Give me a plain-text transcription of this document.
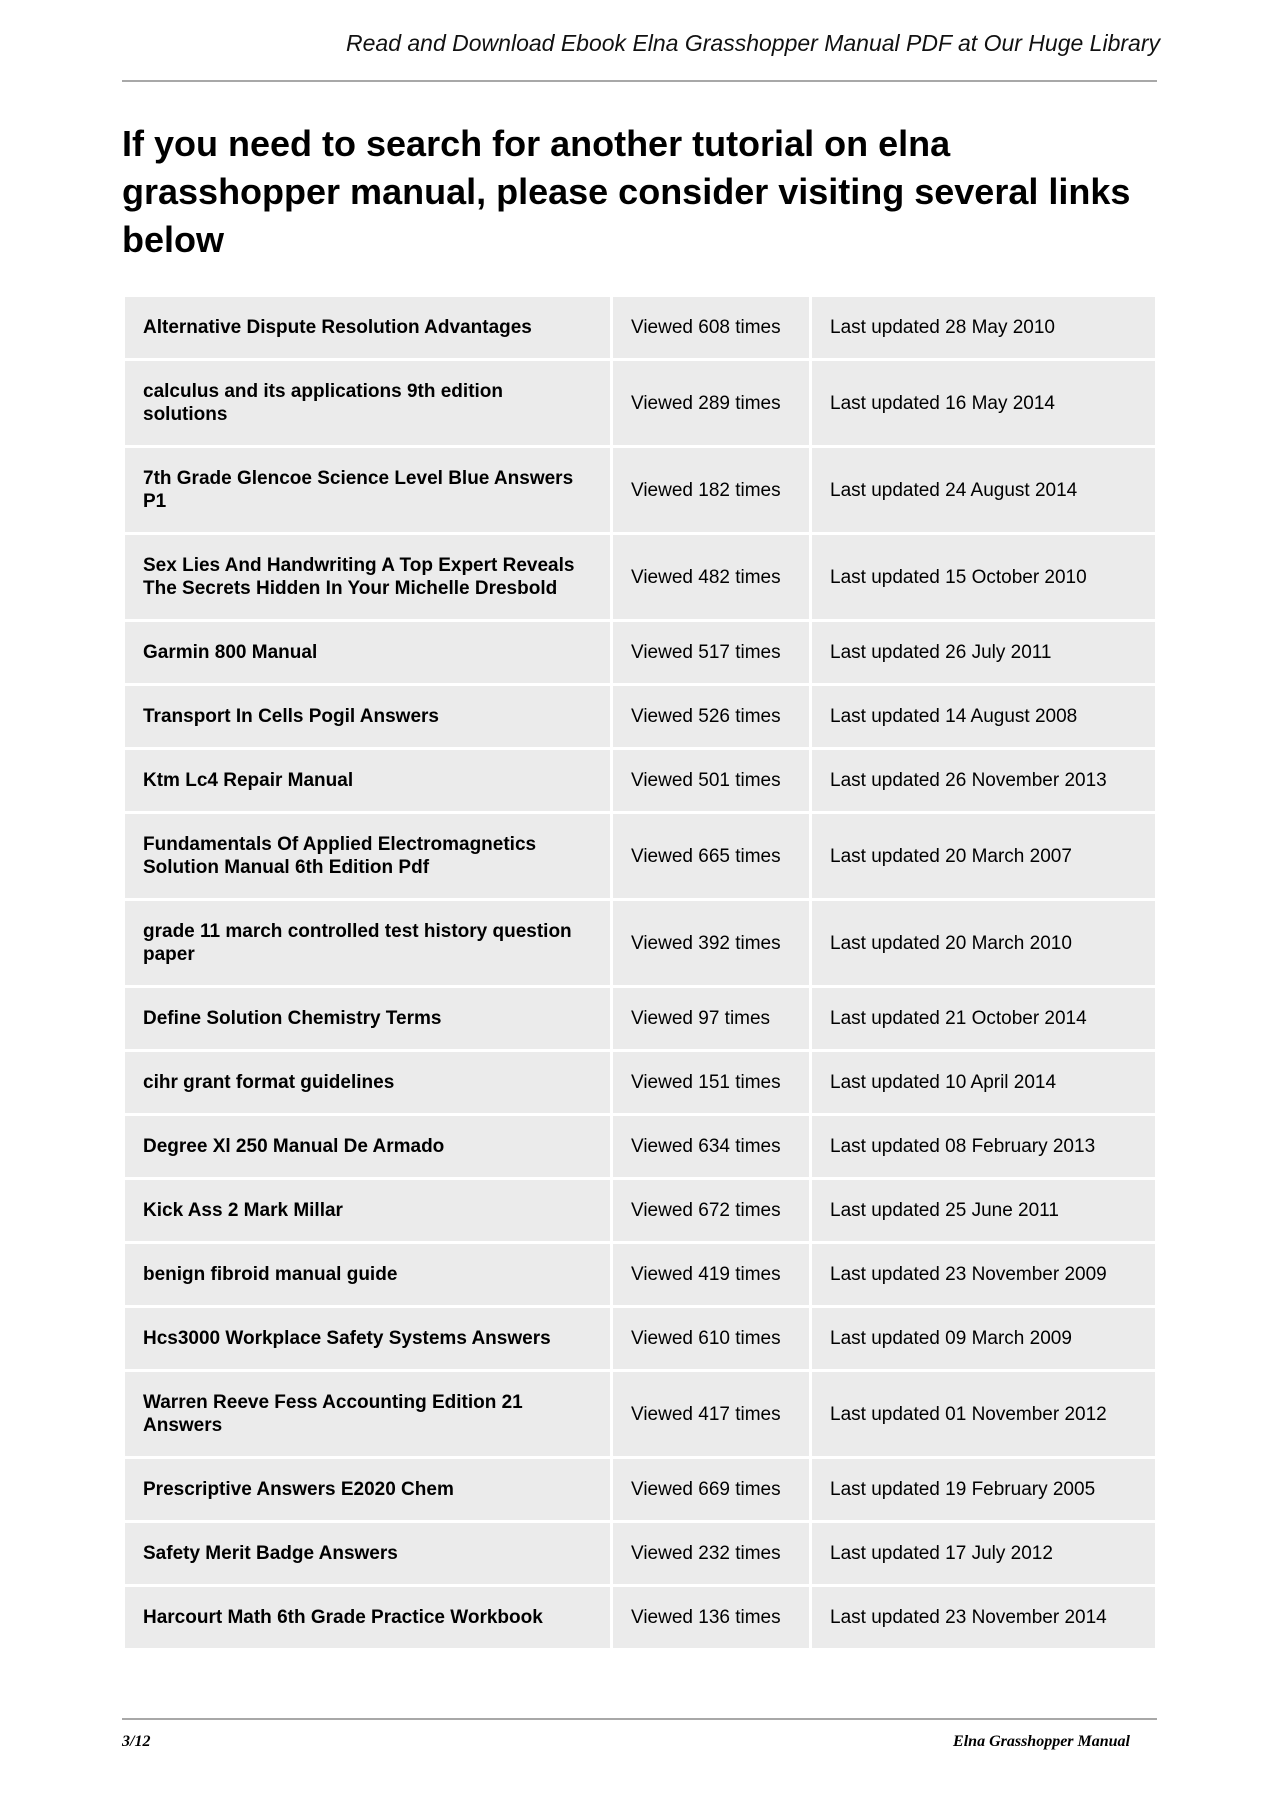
Read and Download Ebook Elna Grasshopper Manual PDF at Our Huge Library
If you need to search for another tutorial on elna grasshopper manual, please consider visiting several links below
Alternative Dispute Resolution Advantages	Viewed 608 times	Last updated 28 May 2010
calculus and its applications 9th edition solutions	Viewed 289 times	Last updated 16 May 2014
7th Grade Glencoe Science Level Blue Answers P1	Viewed 182 times	Last updated 24 August 2014
Sex Lies And Handwriting A Top Expert Reveals The Secrets Hidden In Your Michelle Dresbold	Viewed 482 times	Last updated 15 October 2010
Garmin 800 Manual	Viewed 517 times	Last updated 26 July 2011
Transport In Cells Pogil Answers	Viewed 526 times	Last updated 14 August 2008
Ktm Lc4 Repair Manual	Viewed 501 times	Last updated 26 November 2013
Fundamentals Of Applied Electromagnetics Solution Manual 6th Edition Pdf	Viewed 665 times	Last updated 20 March 2007
grade 11 march controlled test history question paper	Viewed 392 times	Last updated 20 March 2010
Define Solution Chemistry Terms	Viewed 97 times	Last updated 21 October 2014
cihr grant format guidelines	Viewed 151 times	Last updated 10 April 2014
Degree Xl 250 Manual De Armado	Viewed 634 times	Last updated 08 February 2013
Kick Ass 2 Mark Millar	Viewed 672 times	Last updated 25 June 2011
benign fibroid manual guide	Viewed 419 times	Last updated 23 November 2009
Hcs3000 Workplace Safety Systems Answers	Viewed 610 times	Last updated 09 March 2009
Warren Reeve Fess Accounting Edition 21 Answers	Viewed 417 times	Last updated 01 November 2012
Prescriptive Answers E2020 Chem	Viewed 669 times	Last updated 19 February 2005
Safety Merit Badge Answers	Viewed 232 times	Last updated 17 July 2012
Harcourt Math 6th Grade Practice Workbook	Viewed 136 times	Last updated 23 November 2014
3/12	Elna Grasshopper Manual
